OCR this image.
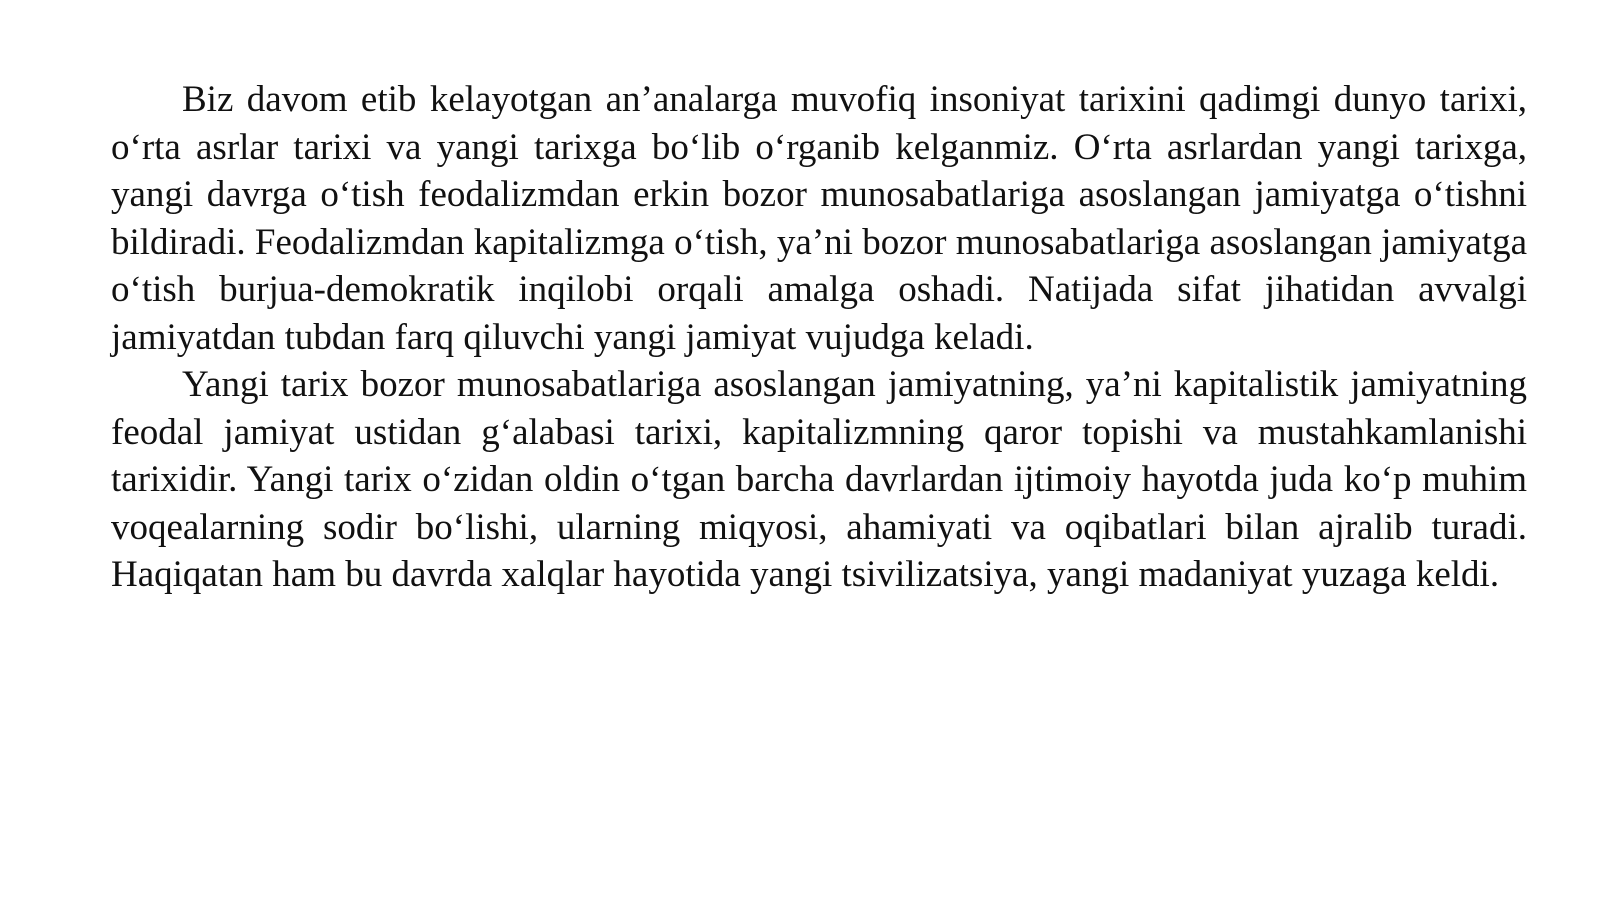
Biz davom etib kelayotgan an’analarga muvofiq insoniyat tarixini qadimgi dunyo tarixi, o‘rta asrlar tarixi va yangi tarixga bo‘lib o‘rganib kelganmiz. O‘rta asrlardan yangi tarixga, yangi davrga o‘tish feodalizmdan erkin bozor munosabatlariga asoslangan jamiyatga o‘tishni bildiradi. Feodalizmdan kapitalizmga o‘tish, ya’ni bozor munosabatlariga asoslangan jamiyatga o‘tish burjua-demokratik inqilobi orqali amalga oshadi. Natijada sifat jihatidan avvalgi jamiyatdan tubdan farq qiluvchi yangi jamiyat vujudga keladi.

Yangi tarix bozor munosabatlariga asoslangan jamiyatning, ya’ni kapitalistik jamiyatning feodal jamiyat ustidan g‘alabasi tarixi, kapitalizmning qaror topishi va mustahkamlanishi tarixidir. Yangi tarix o‘zidan oldin o‘tgan barcha davrlardan ijtimoiy hayotda juda ko‘p muhim voqealarning sodir bo‘lishi, ularning miqyosi, ahamiyati va oqibatlari bilan ajralib turadi. Haqiqatan ham bu davrda xalqlar hayotida yangi tsivilizatsiya, yangi madaniyat yuzaga keldi.
